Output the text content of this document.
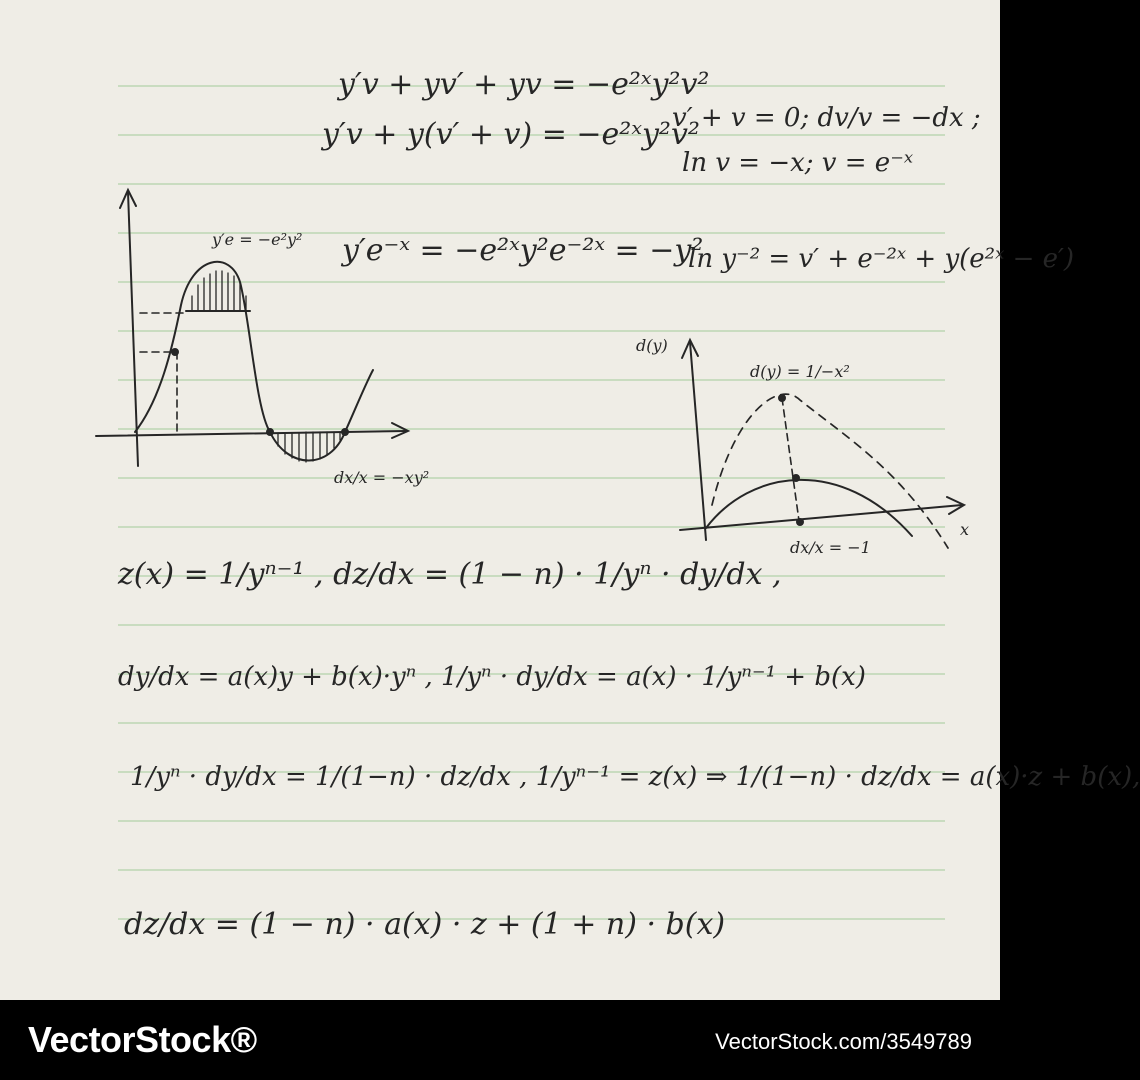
y′v + yv′ + yv = −e²ˣy²v²
y′v + y(v′ + v) = −e²ˣy²v²
v′ + v = 0; dv/v = −dx ;
ln v = −x; v = e⁻ˣ
y′e⁻ˣ = −e²ˣy²e⁻²ˣ = −y²
ln y⁻² = v′ + e⁻²ˣ + y(e²ˣ − e′)
z(x) = 1/yⁿ⁻¹ , dz/dx = (1 − n) · 1/yⁿ · dy/dx ,
dy/dx = a(x)y + b(x)·yⁿ , 1/yⁿ · dy/dx = a(x) · 1/yⁿ⁻¹ + b(x)
1/yⁿ · dy/dx = 1/(1−n) · dz/dx , 1/yⁿ⁻¹ = z(x) ⇒ 1/(1−n) · dz/dx = a(x)·z + b(x),
dz/dx = (1 − n) · a(x) · z + (1 + n) · b(x)
y′e = −e²y²
dx/x = −xy²
d(y)
x
d(y) = 1/−x²
dx/x = −1
VectorStock®	VectorStock.com/3549789
